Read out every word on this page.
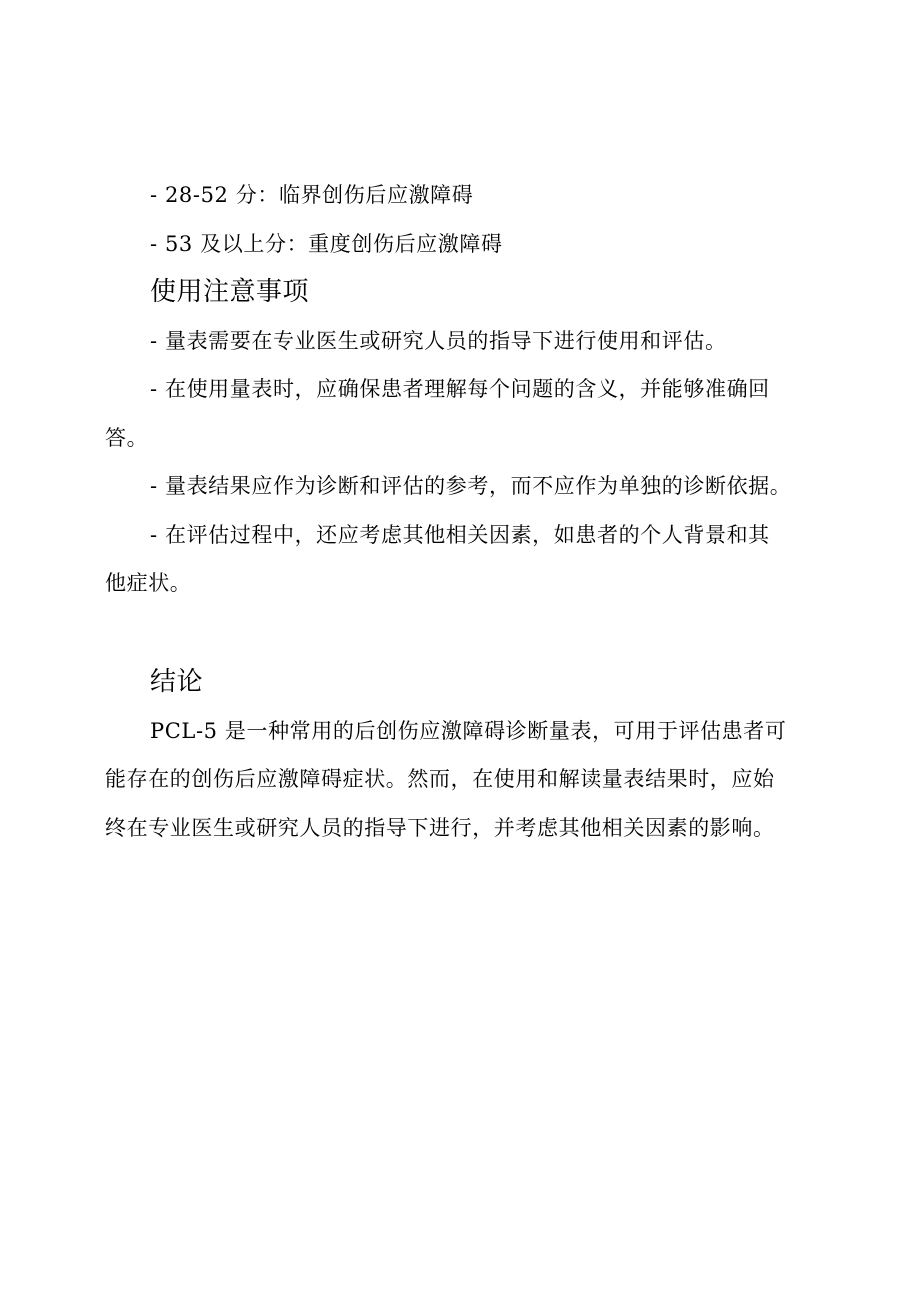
- 28-52 分：临界创伤后应激障碍
- 53 及以上分：重度创伤后应激障碍
使用注意事项
- 量表需要在专业医生或研究人员的指导下进行使用和评估。
- 在使用量表时，应确保患者理解每个问题的含义，并能够准确回
答。
- 量表结果应作为诊断和评估的参考，而不应作为单独的诊断依据。
- 在评估过程中，还应考虑其他相关因素，如患者的个人背景和其
他症状。
结论
PCL-5 是一种常用的后创伤应激障碍诊断量表，可用于评估患者可
能存在的创伤后应激障碍症状。然而，在使用和解读量表结果时，应始
终在专业医生或研究人员的指导下进行，并考虑其他相关因素的影响。
